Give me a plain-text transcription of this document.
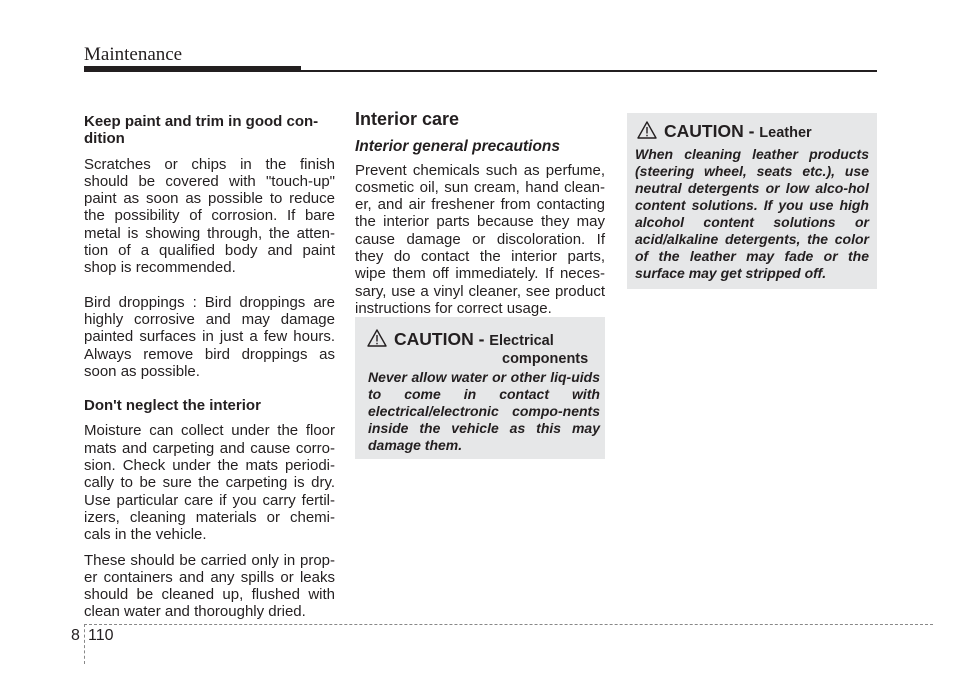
Maintenance

Keep paint and trim in good con-dition

Scratches or chips in the finish should be covered with "touch-up" paint as soon as possible to reduce the possibility of corrosion. If bare metal is showing through, the atten-tion of a qualified body and paint shop is recommended.

Bird droppings : Bird droppings are highly corrosive and may damage painted surfaces in just a few hours. Always remove bird droppings as soon as possible.

Don't neglect the interior

Moisture can collect under the floor mats and carpeting and cause corro-sion. Check under the mats periodi-cally to be sure the carpeting is dry. Use particular care if you carry fertil-izers, cleaning materials or chemi-cals in the vehicle.

These should be carried only in prop-er containers and any spills or leaks should be cleaned up, flushed with clean water and thoroughly dried.

Interior care

Interior general precautions

Prevent chemicals such as perfume, cosmetic oil, sun cream, hand clean-er, and air freshener from contacting the interior parts because they may cause damage or discoloration. If they do contact the interior parts, wipe them off immediately. If neces-sary, use a vinyl cleaner, see product instructions for correct usage.

CAUTION - Electrical
components
Never allow water or other liq-uids to come in contact with electrical/electronic compo-nents inside the vehicle as this may damage them.
CAUTION - Leather
When cleaning leather products (steering wheel, seats etc.), use neutral detergents or low alco-hol content solutions. If you use high alcohol content solutions or acid/alkaline detergents, the color of the leather may fade or the surface may get stripped off.
8 110
